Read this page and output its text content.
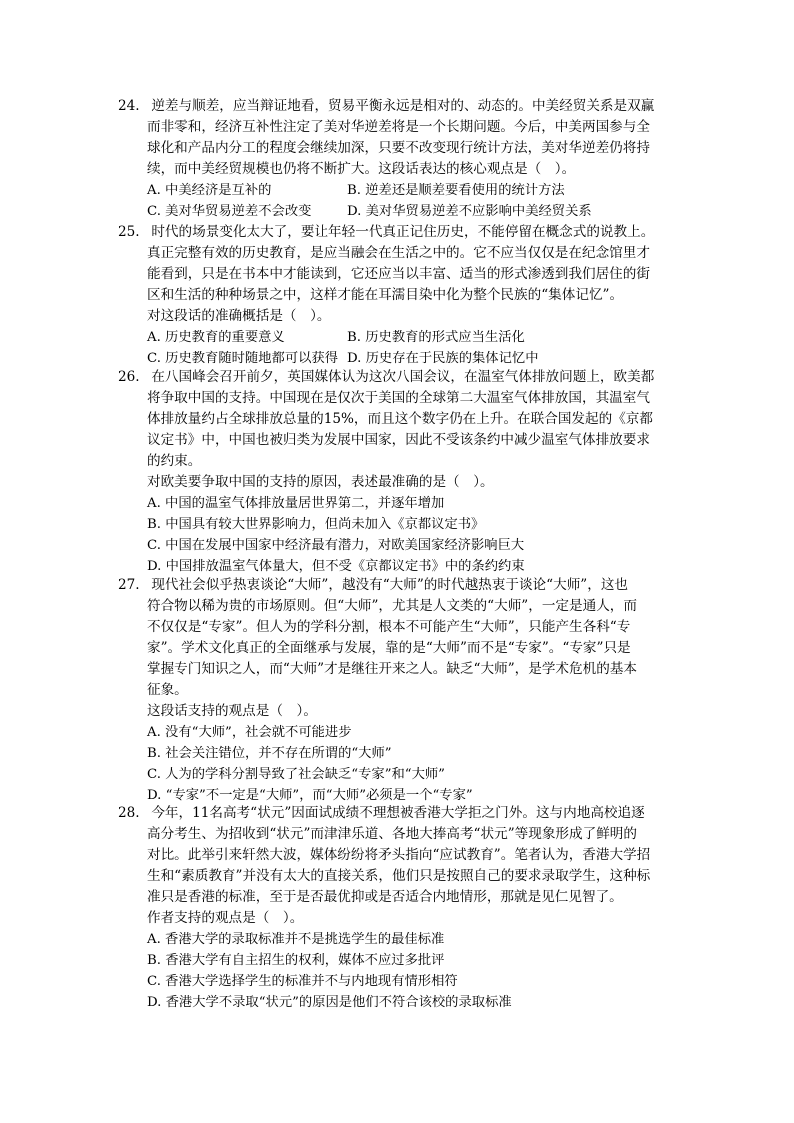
24. 逆差与顺差，应当辩证地看，贸易平衡永远是相对的、动态的。中美经贸关系是双赢
而非零和，经济互补性注定了美对华逆差将是一个长期问题。今后，中美两国参与全
球化和产品内分工的程度会继续加深，只要不改变现行统计方法，美对华逆差仍将持
续，而中美经贸规模也仍将不断扩大。这段话表达的核心观点是（　）。
A. 中美经济是互补的	B. 逆差还是顺差要看使用的统计方法
C. 美对华贸易逆差不会改变	D. 美对华贸易逆差不应影响中美经贸关系
25. 时代的场景变化太大了，要让年轻一代真正记住历史，不能停留在概念式的说教上。
真正完整有效的历史教育，是应当融会在生活之中的。它不应当仅仅是在纪念馆里才
能看到，只是在书本中才能读到，它还应当以丰富、适当的形式渗透到我们居住的街
区和生活的种种场景之中，这样才能在耳濡目染中化为整个民族的“集体记忆”。
对这段话的准确概括是（　）。
A. 历史教育的重要意义	B. 历史教育的形式应当生活化
C. 历史教育随时随地都可以获得 D. 历史存在于民族的集体记忆中
26. 在八国峰会召开前夕，英国媒体认为这次八国会议，在温室气体排放问题上，欧美都
将争取中国的支持。中国现在是仅次于美国的全球第二大温室气体排放国，其温室气
体排放量约占全球排放总量的15%，而且这个数字仍在上升。在联合国发起的《京都
议定书》中，中国也被归类为发展中国家，因此不受该条约中减少温室气体排放要求
的约束。
对欧美要争取中国的支持的原因，表述最准确的是（　）。
A. 中国的温室气体排放量居世界第二，并逐年增加
B. 中国具有较大世界影响力，但尚未加入《京都议定书》
C. 中国在发展中国家中经济最有潜力，对欧美国家经济影响巨大
D. 中国排放温室气体量大，但不受《京都议定书》中的条约约束
27. 现代社会似乎热衷谈论“大师”，越没有“大师”的时代越热衷于谈论“大师”，这也
符合物以稀为贵的市场原则。但“大师”，尤其是人文类的“大师”，一定是通人，而
不仅仅是“专家”。但人为的学科分割，根本不可能产生“大师”，只能产生各科“专
家”。学术文化真正的全面继承与发展，靠的是“大师”而不是“专家”。“专家”只是
掌握专门知识之人，而“大师”才是继往开来之人。缺乏“大师”，是学术危机的基本
征象。
这段话支持的观点是（　）。
A. 没有“大师”，社会就不可能进步
B. 社会关注错位，并不存在所谓的“大师”
C. 人为的学科分割导致了社会缺乏“专家”和“大师”
D. “专家”不一定是“大师”，而“大师”必须是一个“专家”
28. 今年，11名高考“状元”因面试成绩不理想被香港大学拒之门外。这与内地高校追逐
高分考生、为招收到“状元”而津津乐道、各地大捧高考“状元”等现象形成了鲜明的
对比。此举引来轩然大波，媒体纷纷将矛头指向“应试教育”。笔者认为，香港大学招
生和“素质教育”并没有太大的直接关系，他们只是按照自己的要求录取学生，这种标
准只是香港的标准，至于是否最优抑或是否适合内地情形，那就是见仁见智了。
作者支持的观点是（　）。
A. 香港大学的录取标准并不是挑选学生的最佳标准
B. 香港大学有自主招生的权利，媒体不应过多批评
C. 香港大学选择学生的标准并不与内地现有情形相符
D. 香港大学不录取“状元”的原因是他们不符合该校的录取标准
